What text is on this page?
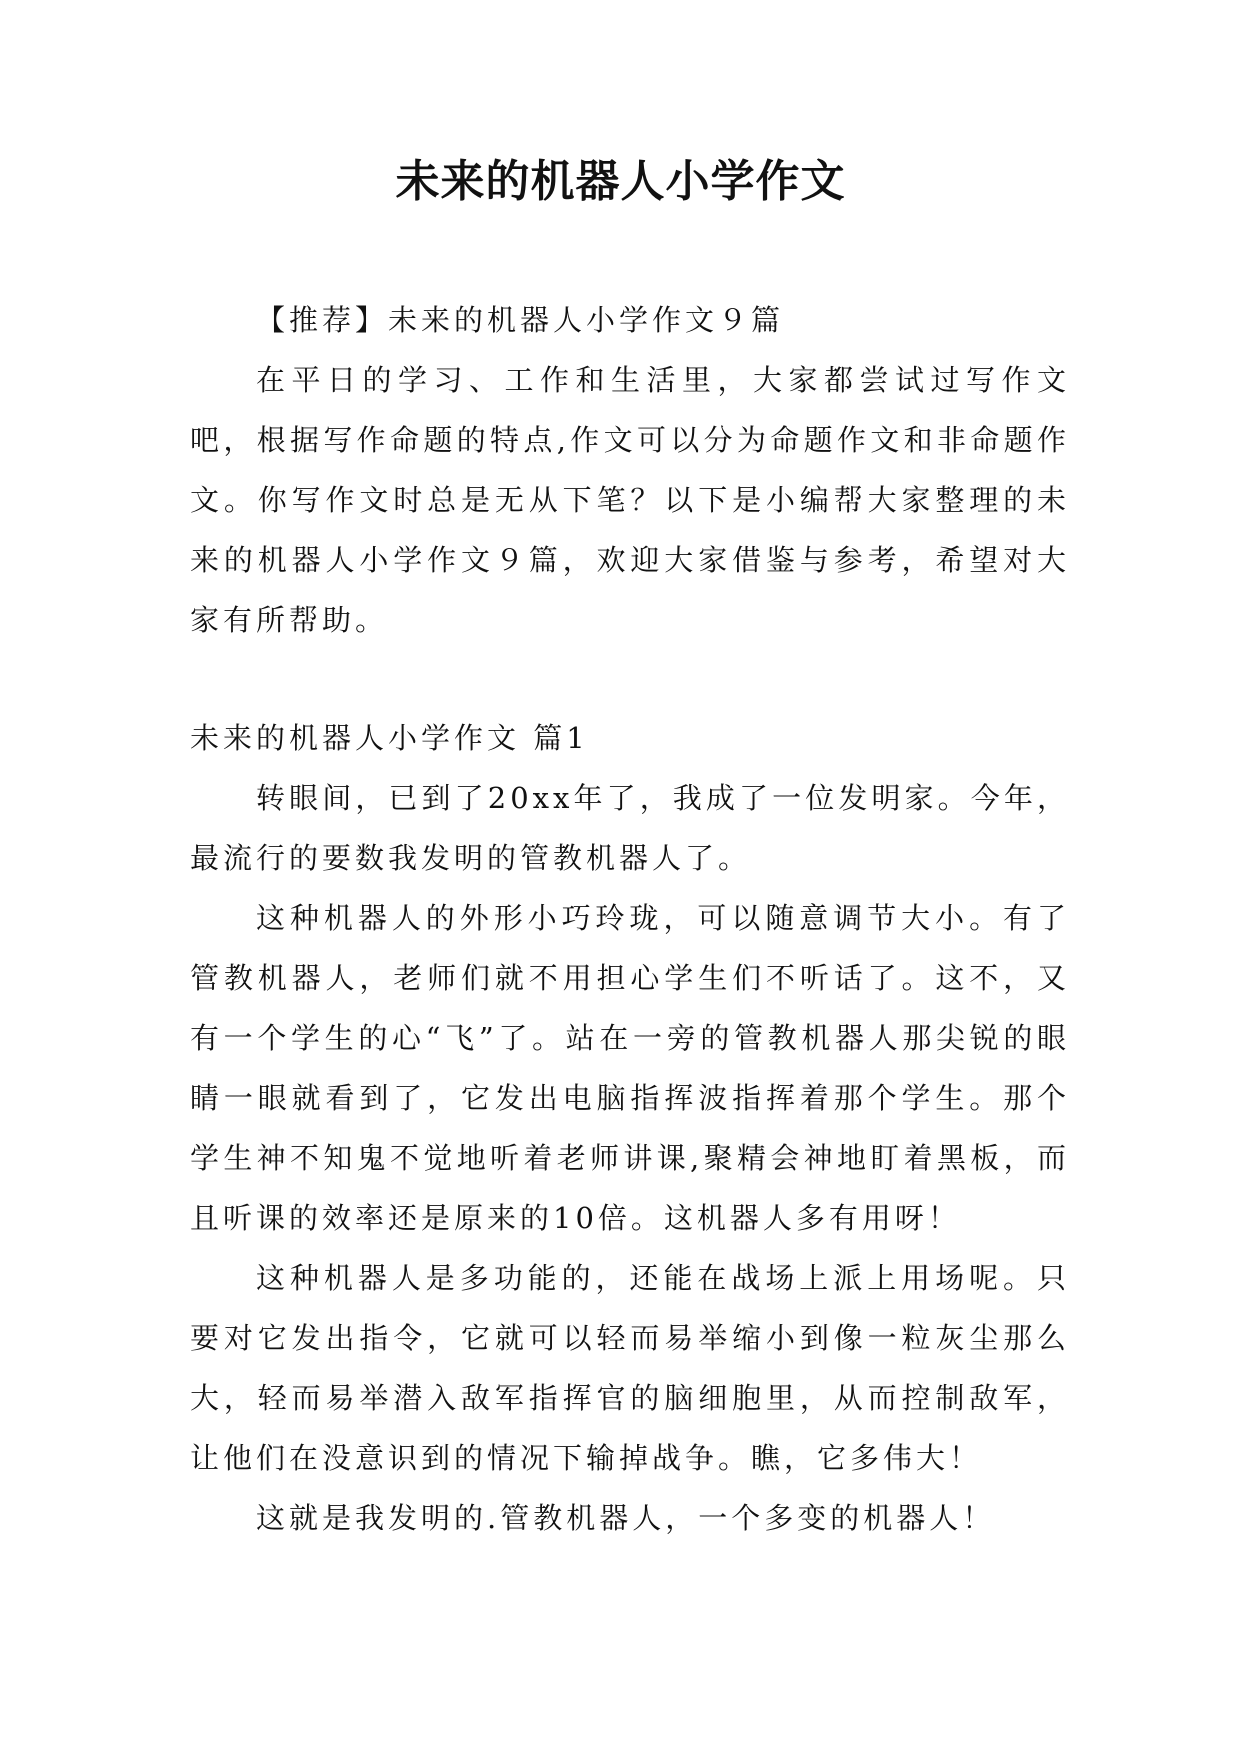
未来的机器人小学作文

【推荐】未来的机器人小学作文９篇

在平日的学习、工作和生活里，大家都尝试过写作文吧，根据写作命题的特点,作文可以分为命题作文和非命题作文。你写作文时总是无从下笔？以下是小编帮大家整理的未来的机器人小学作文９篇，欢迎大家借鉴与参考，希望对大家有所帮助。

未来的机器人小学作文 篇1

转眼间，已到了20xx年了，我成了一位发明家。今年，最流行的要数我发明的管教机器人了。

这种机器人的外形小巧玲珑，可以随意调节大小。有了管教机器人，老师们就不用担心学生们不听话了。这不，又有一个学生的心“飞”了。站在一旁的管教机器人那尖锐的眼睛一眼就看到了，它发出电脑指挥波指挥着那个学生。那个学生神不知鬼不觉地听着老师讲课,聚精会神地盯着黑板，而且听课的效率还是原来的10倍。这机器人多有用呀！

这种机器人是多功能的，还能在战场上派上用场呢。只要对它发出指令，它就可以轻而易举缩小到像一粒灰尘那么大，轻而易举潜入敌军指挥官的脑细胞里，从而控制敌军，让他们在没意识到的情况下输掉战争。瞧，它多伟大！

这就是我发明的.管教机器人，一个多变的机器人！
